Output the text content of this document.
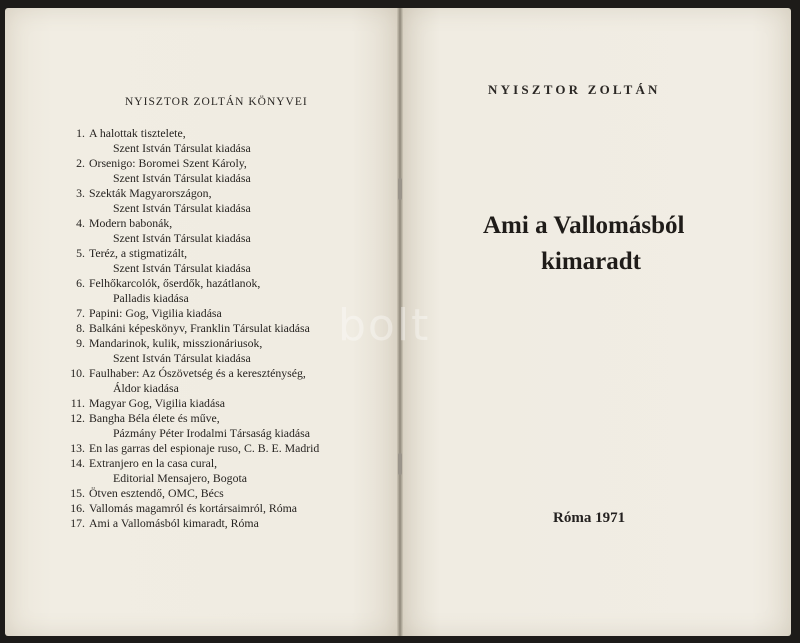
NYISZTOR ZOLTÁN KÖNYVEI
1. A halottak tisztelete,
Szent István Társulat kiadása
2. Orsenigo: Boromei Szent Károly,
Szent István Társulat kiadása
3. Szekták Magyarországon,
Szent István Társulat kiadása
4. Modern babonák,
Szent István Társulat kiadása
5. Teréz, a stigmatizált,
Szent István Társulat kiadása
6. Felhőkarcolók, őserdők, hazátlanok,
Palladis kiadása
7. Papini: Gog, Vigilia kiadása
8. Balkáni képeskönyv, Franklin Társulat kiadása
9. Mandarinok, kulik, misszionáriusok,
Szent István Társulat kiadása
10. Faulhaber: Az Ószövetség és a kereszténység,
Áldor kiadása
11. Magyar Gog, Vigilia kiadása
12. Bangha Béla élete és műve,
Pázmány Péter Irodalmi Társaság kiadása
13. En las garras del espionaje ruso, C. B. E. Madrid
14. Extranjero en la casa cural,
Editorial Mensajero, Bogota
15. Ötven esztendő, OMC, Bécs
16. Vallomás magamról és kortársaimról, Róma
17. Ami a Vallomásból kimaradt, Róma
NYISZTOR ZOLTÁN
Ami a Vallomásból
kimaradt
Róma 1971
bolt
